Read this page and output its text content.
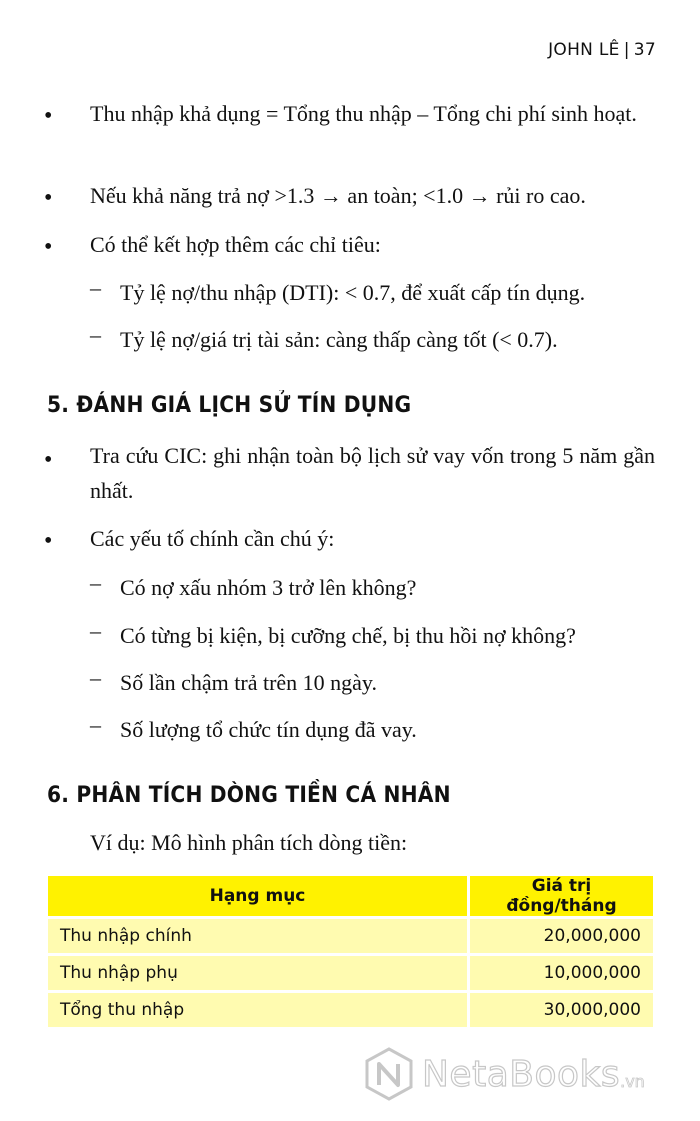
JOHN LÊ | 37
• Thu nhập khả dụng = Tổng thu nhập – Tổng chi phí sinh hoạt.
• Nếu khả năng trả nợ >1.3 → an toàn; <1.0 → rủi ro cao.
• Có thể kết hợp thêm các chỉ tiêu:
– Tỷ lệ nợ/thu nhập (DTI): < 0.7, để xuất cấp tín dụng.
– Tỷ lệ nợ/giá trị tài sản: càng thấp càng tốt (< 0.7).
5. ĐÁNH GIÁ LỊCH SỬ TÍN DỤNG
• Tra cứu CIC: ghi nhận toàn bộ lịch sử vay vốn trong 5 năm gần nhất.
• Các yếu tố chính cần chú ý:
– Có nợ xấu nhóm 3 trở lên không?
– Có từng bị kiện, bị cưỡng chế, bị thu hồi nợ không?
– Số lần chậm trả trên 10 ngày.
– Số lượng tổ chức tín dụng đã vay.
6. PHÂN TÍCH DÒNG TIỀN CÁ NHÂN
Ví dụ: Mô hình phân tích dòng tiền:
Hạng mục	Giá trị đồng/tháng
Thu nhập chính	20,000,000
Thu nhập phụ	10,000,000
Tổng thu nhập	30,000,000
NetaBooks .vn
